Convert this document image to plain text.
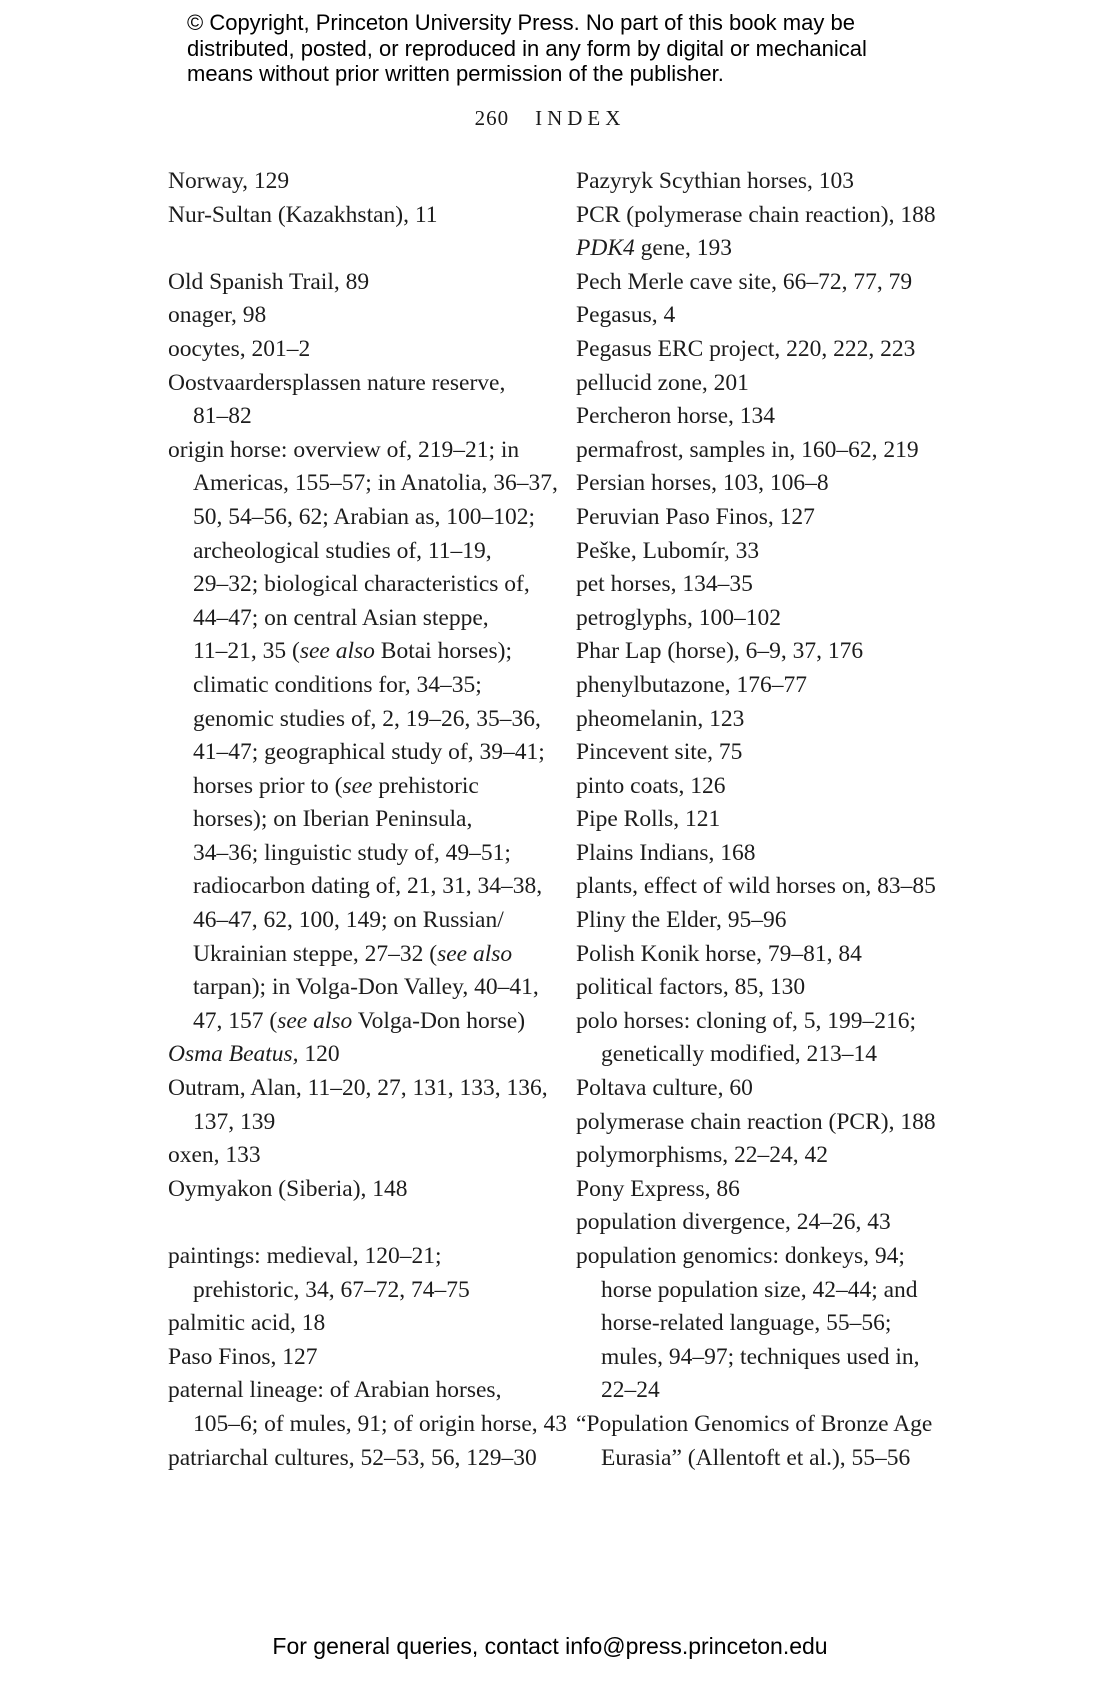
© Copyright, Princeton University Press. No part of this book may be
distributed, posted, or reproduced in any form by digital or mechanical
means without prior written permission of the publisher.
260 INDEX
Norway, 129
Nur-Sultan (Kazakhstan), 11
Old Spanish Trail, 89
onager, 98
oocytes, 201–2
Oostvaardersplassen nature reserve,
81–82
origin horse: overview of, 219–21; in
Americas, 155–57; in Anatolia, 36–37,
50, 54–56, 62; Arabian as, 100–102;
archeological studies of, 11–19,
29–32; biological characteristics of,
44–47; on central Asian steppe,
11–21, 35 (see also Botai horses);
climatic conditions for, 34–35;
genomic studies of, 2, 19–26, 35–36,
41–47; geographical study of, 39–41;
horses prior to (see prehistoric
horses); on Iberian Peninsula,
34–36; linguistic study of, 49–51;
radiocarbon dating of, 21, 31, 34–38,
46–47, 62, 100, 149; on Russian/
Ukrainian steppe, 27–32 (see also
tarpan); in Volga-Don Valley, 40–41,
47, 157 (see also Volga-Don horse)
Osma Beatus, 120
Outram, Alan, 11–20, 27, 131, 133, 136,
137, 139
oxen, 133
Oymyakon (Siberia), 148
paintings: medieval, 120–21;
prehistoric, 34, 67–72, 74–75
palmitic acid, 18
Paso Finos, 127
paternal lineage: of Arabian horses,
105–6; of mules, 91; of origin horse, 43
patriarchal cultures, 52–53, 56, 129–30
Pazyryk Scythian horses, 103
PCR (polymerase chain reaction), 188
PDK4 gene, 193
Pech Merle cave site, 66–72, 77, 79
Pegasus, 4
Pegasus ERC project, 220, 222, 223
pellucid zone, 201
Percheron horse, 134
permafrost, samples in, 160–62, 219
Persian horses, 103, 106–8
Peruvian Paso Finos, 127
Peške, Lubomír, 33
pet horses, 134–35
petroglyphs, 100–102
Phar Lap (horse), 6–9, 37, 176
phenylbutazone, 176–77
pheomelanin, 123
Pincevent site, 75
pinto coats, 126
Pipe Rolls, 121
Plains Indians, 168
plants, effect of wild horses on, 83–85
Pliny the Elder, 95–96
Polish Konik horse, 79–81, 84
political factors, 85, 130
polo horses: cloning of, 5, 199–216;
genetically modified, 213–14
Poltava culture, 60
polymerase chain reaction (PCR), 188
polymorphisms, 22–24, 42
Pony Express, 86
population divergence, 24–26, 43
population genomics: donkeys, 94;
horse population size, 42–44; and
horse-related language, 55–56;
mules, 94–97; techniques used in,
22–24
“Population Genomics of Bronze Age
Eurasia” (Allentoft et al.), 55–56
For general queries, contact info@press.princeton.edu
